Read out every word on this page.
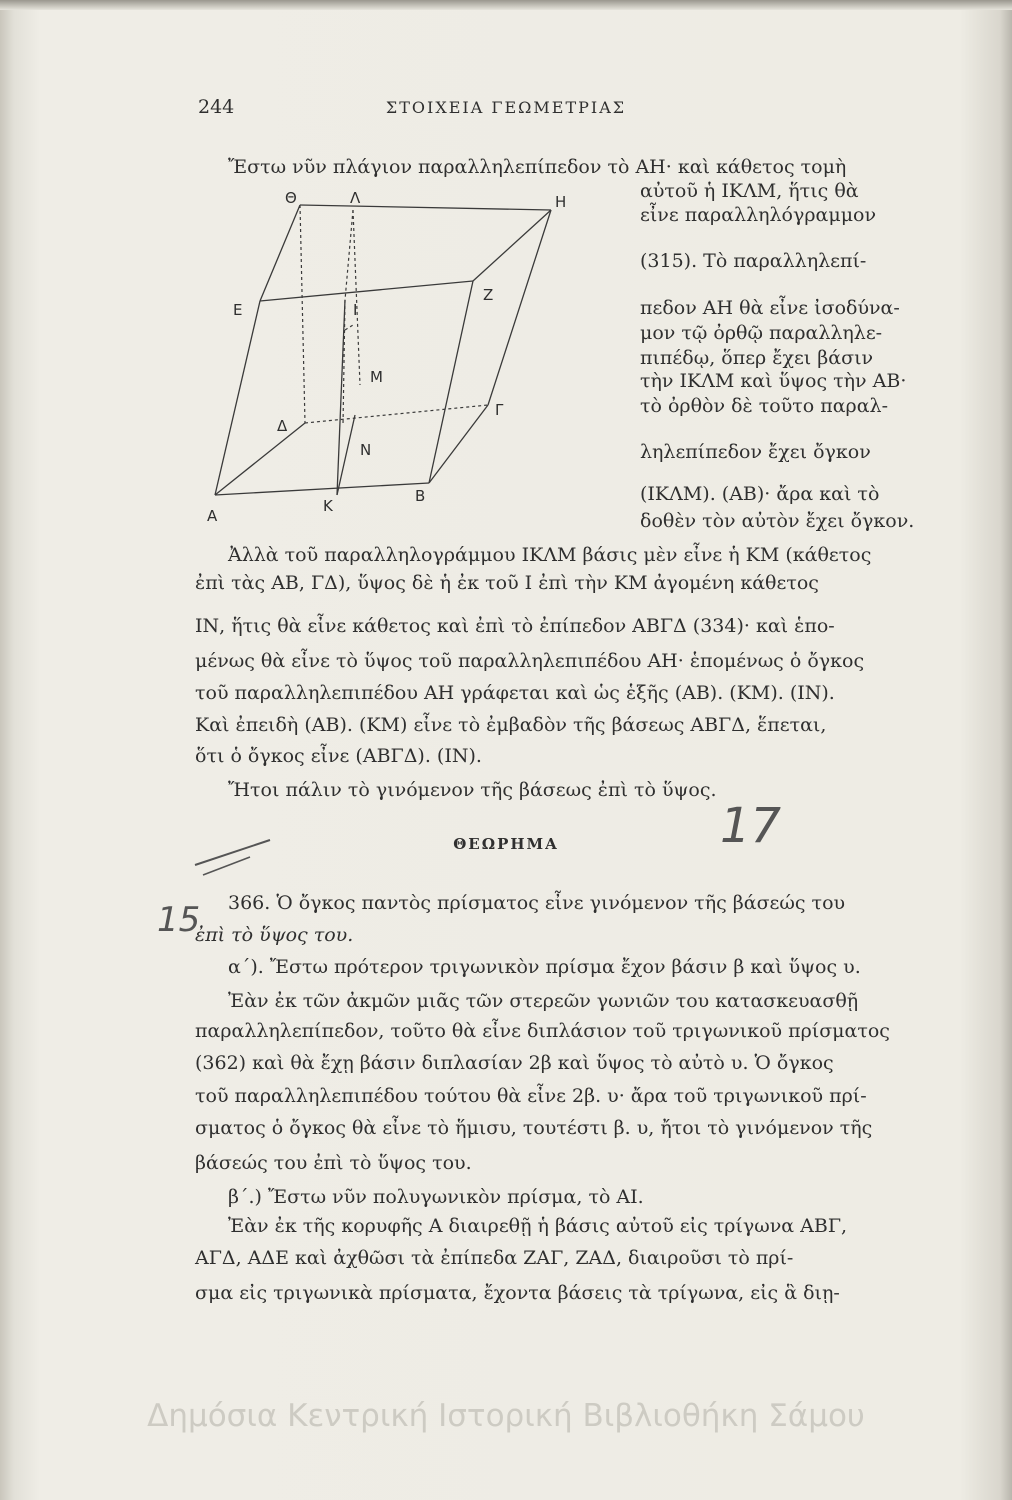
244	ΣΤΟΙΧΕΙΑ ΓΕΩΜΕΤΡΙΑΣ
Θ	Λ	Η
Ε
Ζ
Ι
Μ
Δ
Γ
Ν
Κ
Β
Α
Ἔστω νῦν πλάγιον παραλληλεπίπεδον τὸ ΑΗ· καὶ κάθετος τομὴ
αὐτοῦ ἡ ΙΚΛΜ, ἥτις θὰ
εἶνε παραλληλόγραμμον
(315). Τὸ παραλληλεπί-
πεδον ΑΗ θὰ εἶνε ἰσοδύνα-
μον τῷ ὀρθῷ παραλληλε-
πιπέδῳ, ὅπερ ἔχει βάσιν
τὴν ΙΚΛΜ καὶ ὕψος τὴν ΑΒ·
τὸ ὀρθὸν δὲ τοῦτο παραλ-
ληλεπίπεδον ἔχει ὄγκον
(ΙΚΛΜ). (ΑΒ)· ἄρα καὶ τὸ
δοθὲν τὸν αὐτὸν ἔχει ὄγκον.
Ἀλλὰ τοῦ παραλληλογράμμου ΙΚΛΜ βάσις μὲν εἶνε ἡ ΚΜ (κάθετος
ἐπὶ τὰς ΑΒ, ΓΔ), ὕψος δὲ ἡ ἐκ τοῦ Ι ἐπὶ τὴν ΚΜ ἀγομένη κάθετος
ΙΝ, ἥτις θὰ εἶνε κάθετος καὶ ἐπὶ τὸ ἐπίπεδον ΑΒΓΔ (334)· καὶ ἑπο-
μένως θὰ εἶνε τὸ ὕψος τοῦ παραλληλεπιπέδου ΑΗ· ἑπομένως ὁ ὄγκος
τοῦ παραλληλεπιπέδου ΑΗ γράφεται καὶ ὡς ἑξῆς (ΑΒ). (ΚΜ). (ΙΝ).
Καὶ ἐπειδὴ (ΑΒ). (ΚΜ) εἶνε τὸ ἐμβαδὸν τῆς βάσεως ΑΒΓΔ, ἕπεται,
ὅτι ὁ ὄγκος εἶνε (ΑΒΓΔ). (ΙΝ).
Ἤτοι πάλιν τὸ γινόμενον τῆς βάσεως ἐπὶ τὸ ὕψος.
ΘΕΩΡΗΜΑ
366. Ὁ ὄγκος παντὸς πρίσματος εἶνε γινόμενον τῆς βάσεώς του
ἐπὶ τὸ ὕψος του.
α΄). Ἔστω πρότερον τριγωνικὸν πρίσμα ἔχον βάσιν β καὶ ὕψος υ.
Ἐὰν ἐκ τῶν ἀκμῶν μιᾶς τῶν στερεῶν γωνιῶν του κατασκευασθῇ
παραλληλεπίπεδον, τοῦτο θὰ εἶνε διπλάσιον τοῦ τριγωνικοῦ πρίσματος
(362) καὶ θὰ ἔχῃ βάσιν διπλασίαν 2β καὶ ὕψος τὸ αὐτὸ υ. Ὁ ὄγκος
τοῦ παραλληλεπιπέδου τούτου θὰ εἶνε 2β. υ· ἄρα τοῦ τριγωνικοῦ πρί-
σματος ὁ ὄγκος θὰ εἶνε τὸ ἥμισυ, τουτέστι β. υ, ἤτοι τὸ γινόμενον τῆς
βάσεώς του ἐπὶ τὸ ὕψος του.
β΄.) Ἔστω νῦν πολυγωνικὸν πρίσμα, τὸ ΑΙ.
Ἐὰν ἐκ τῆς κορυφῆς Α διαιρεθῇ ἡ βάσις αὐτοῦ εἰς τρίγωνα ΑΒΓ,
ΑΓΔ, ΑΔΕ καὶ ἀχθῶσι τὰ ἐπίπεδα ΖΑΓ, ΖΑΔ, διαιροῦσι τὸ πρί-
σμα εἰς τριγωνικὰ πρίσματα, ἔχοντα βάσεις τὰ τρίγωνα, εἰς ἃ διῃ-
17
15
Δημόσια Κεντρική Ιστορική Βιβλιοθήκη Σάμου
